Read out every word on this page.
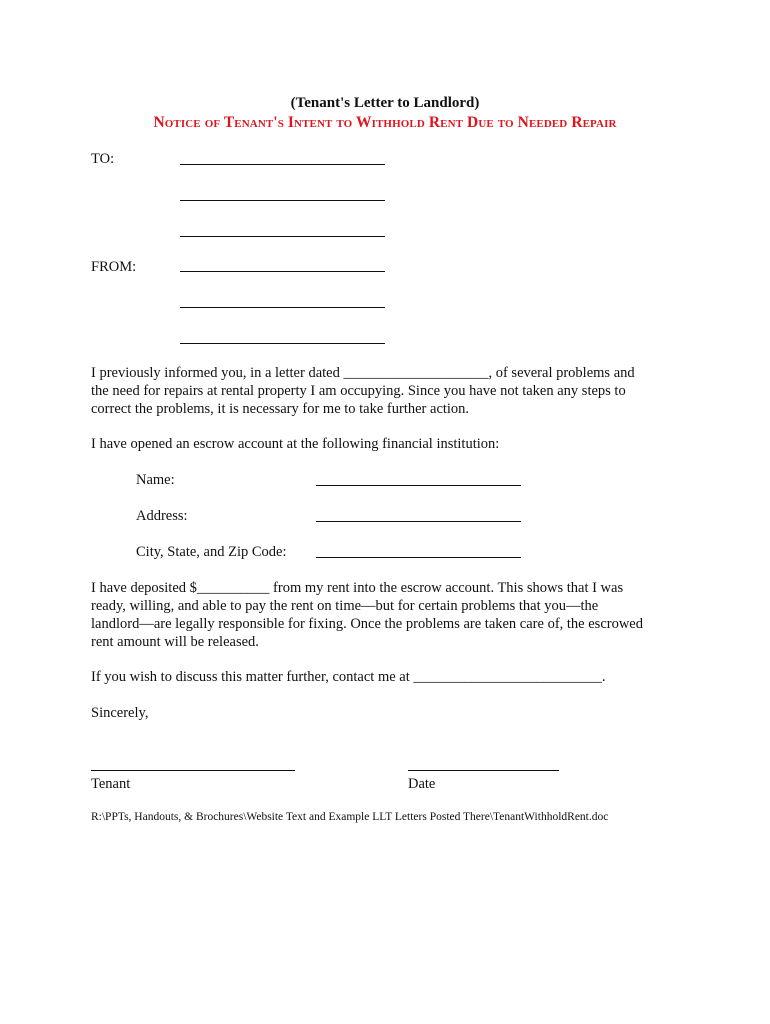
(Tenant's Letter to Landlord)
Notice of Tenant's Intent to Withhold Rent Due to Needed Repair
TO:
FROM:
I previously informed you, in a letter dated ____________________, of several problems and
the need for repairs at rental property I am occupying. Since you have not taken any steps to
correct the problems, it is necessary for me to take further action.
I have opened an escrow account at the following financial institution:
Name:
Address:
City, State, and Zip Code:
I have deposited $__________ from my rent into the escrow account. This shows that I was
ready, willing, and able to pay the rent on time—but for certain problems that you—the
landlord—are legally responsible for fixing. Once the problems are taken care of, the escrowed
rent amount will be released.
If you wish to discuss this matter further, contact me at __________________________.
Sincerely,
Tenant	Date
R:\PPTs, Handouts, & Brochures\Website Text and Example LLT Letters Posted There\TenantWithholdRent.doc
